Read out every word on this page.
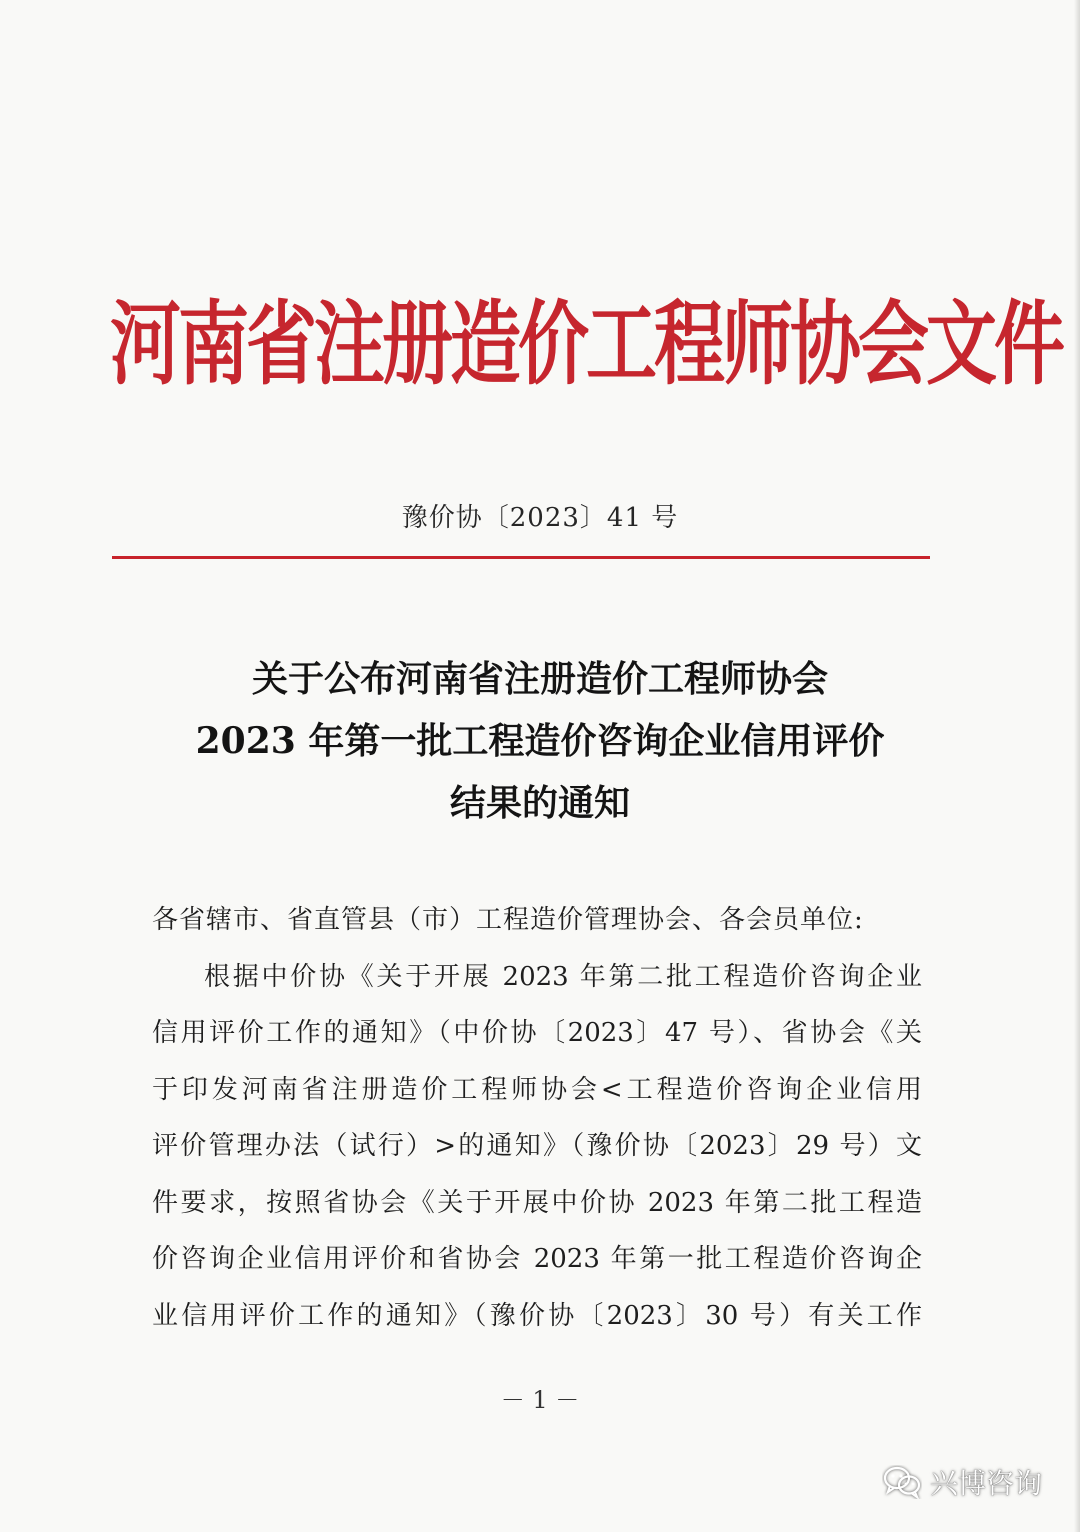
河南省注册造价工程师协会文件
豫价协〔2023〕41 号
关于公布河南省注册造价工程师协会
2023 年第一批工程造价咨询企业信用评价
结果的通知
各省辖市、省直管县（市）工程造价管理协会、各会员单位:
根据中价协《关于开展 2023 年第二批工程造价咨询企业
信用评价工作的通知》（中价协〔2023〕47 号）、省协会《关
于印发河南省注册造价工程师协会<工程造价咨询企业信用
评价管理办法（试行）>的通知》（豫价协〔2023〕29 号）文
件要求，按照省协会《关于开展中价协 2023 年第二批工程造
价咨询企业信用评价和省协会 2023 年第一批工程造价咨询企
业信用评价工作的通知》（豫价协〔2023〕30 号）有关工作
－ 1 －
兴博咨询
